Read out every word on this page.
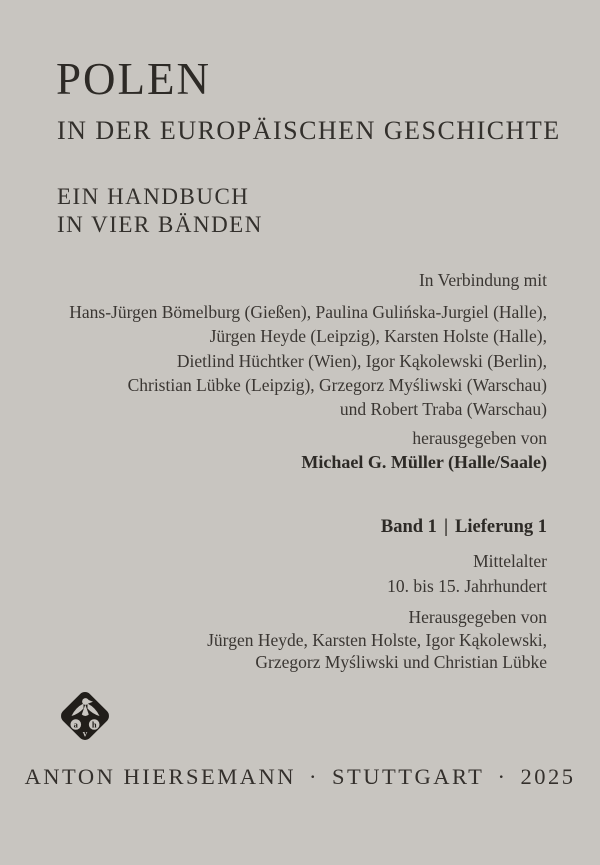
POLEN
IN DER EUROPÄISCHEN GESCHICHTE
EIN HANDBUCH
IN VIER BÄNDEN
In Verbindung mit
Hans-Jürgen Bömelburg (Gießen), Paulina Gulińska-Jurgiel (Halle),
Jürgen Heyde (Leipzig), Karsten Holste (Halle),
Dietlind Hüchtker (Wien), Igor Kąkolewski (Berlin),
Christian Lübke (Leipzig), Grzegorz Myśliwski (Warschau)
und Robert Traba (Warschau)
herausgegeben von
Michael G. Müller (Halle/Saale)
Band 1 | Lieferung 1
Mittelalter
10. bis 15. Jahrhundert
Herausgegeben von
Jürgen Heyde, Karsten Holste, Igor Kąkolewski,
Grzegorz Myśliwski und Christian Lübke
a h
v
ANTON HIERSEMANN · STUTTGART · 2025
